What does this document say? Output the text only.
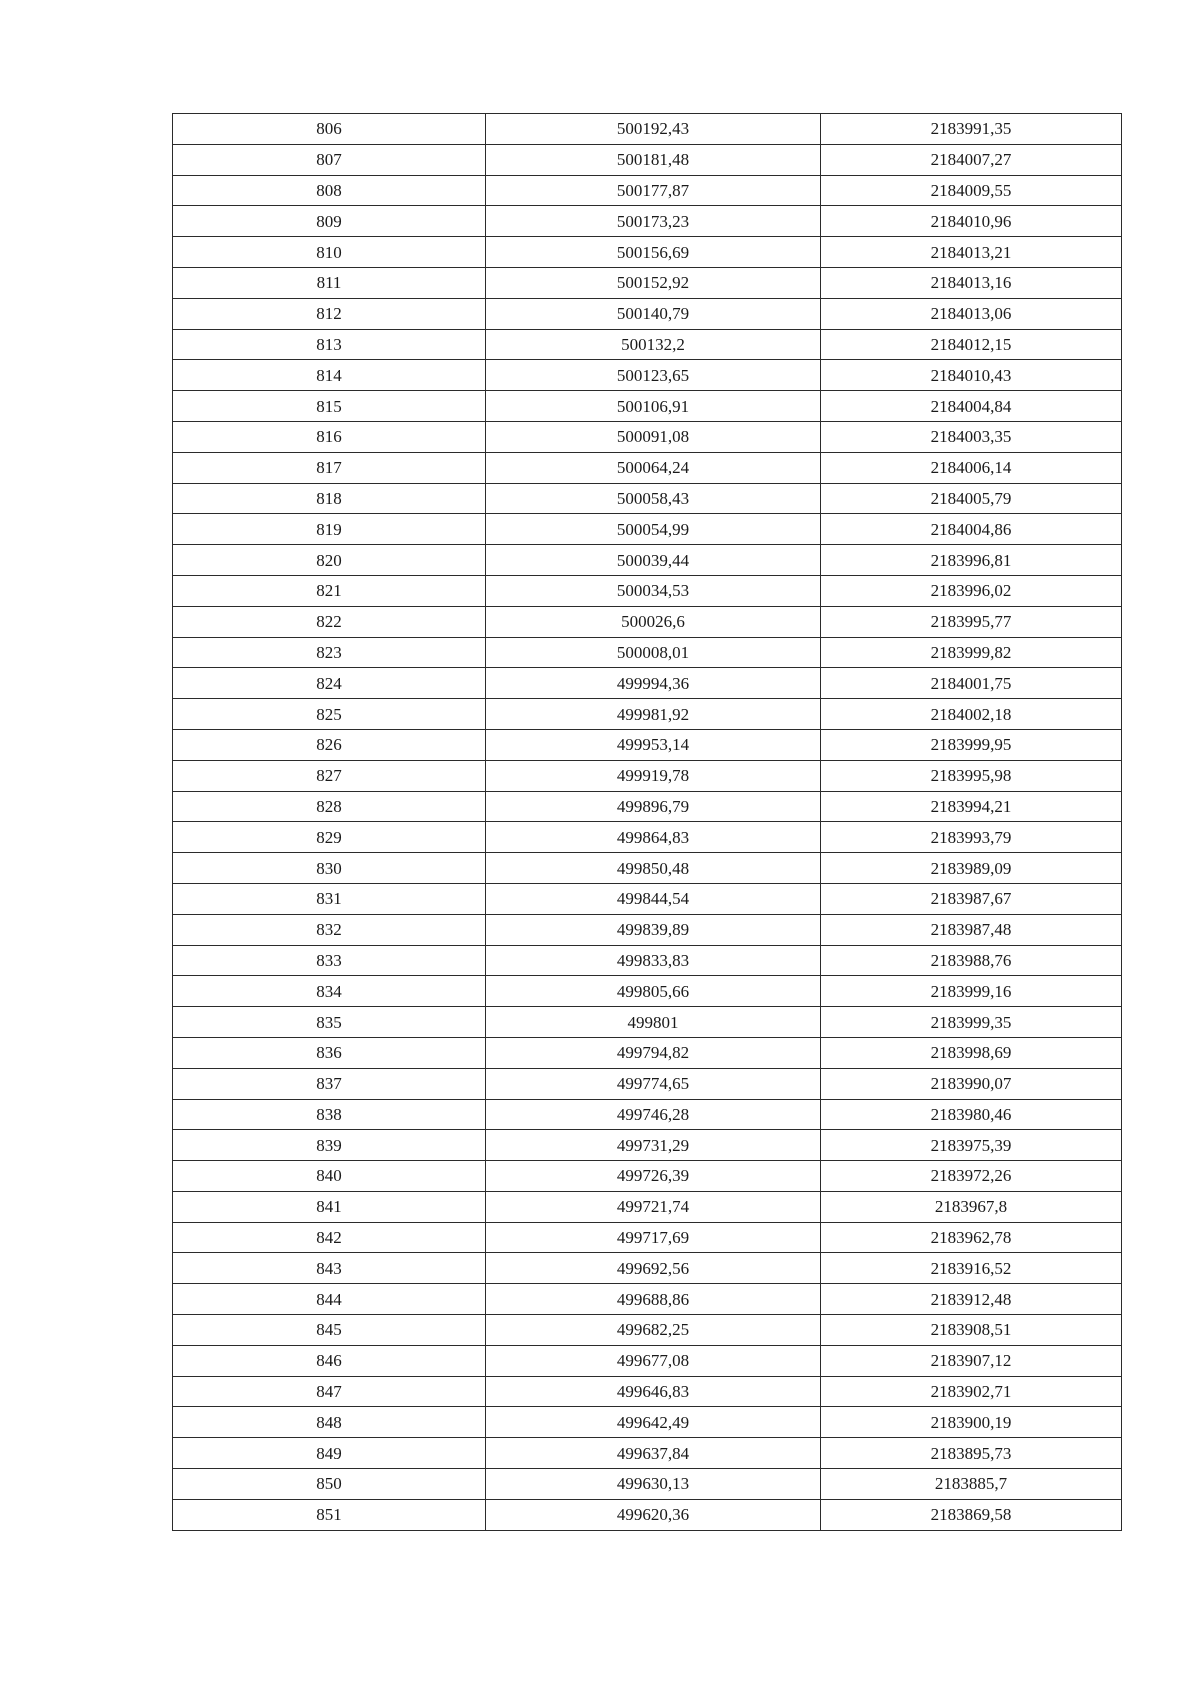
806	500192,43	2183991,35
807	500181,48	2184007,27
808	500177,87	2184009,55
809	500173,23	2184010,96
810	500156,69	2184013,21
811	500152,92	2184013,16
812	500140,79	2184013,06
813	500132,2	2184012,15
814	500123,65	2184010,43
815	500106,91	2184004,84
816	500091,08	2184003,35
817	500064,24	2184006,14
818	500058,43	2184005,79
819	500054,99	2184004,86
820	500039,44	2183996,81
821	500034,53	2183996,02
822	500026,6	2183995,77
823	500008,01	2183999,82
824	499994,36	2184001,75
825	499981,92	2184002,18
826	499953,14	2183999,95
827	499919,78	2183995,98
828	499896,79	2183994,21
829	499864,83	2183993,79
830	499850,48	2183989,09
831	499844,54	2183987,67
832	499839,89	2183987,48
833	499833,83	2183988,76
834	499805,66	2183999,16
835	499801	2183999,35
836	499794,82	2183998,69
837	499774,65	2183990,07
838	499746,28	2183980,46
839	499731,29	2183975,39
840	499726,39	2183972,26
841	499721,74	2183967,8
842	499717,69	2183962,78
843	499692,56	2183916,52
844	499688,86	2183912,48
845	499682,25	2183908,51
846	499677,08	2183907,12
847	499646,83	2183902,71
848	499642,49	2183900,19
849	499637,84	2183895,73
850	499630,13	2183885,7
851	499620,36	2183869,58
